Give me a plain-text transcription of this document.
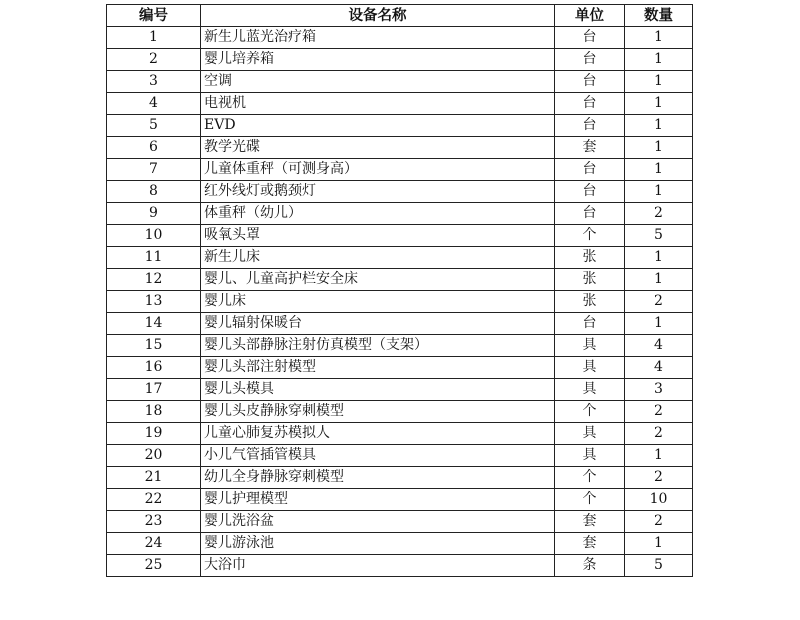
编号	设备名称	单位	数量
1	新生儿蓝光治疗箱	台	1
2	婴儿培养箱	台	1
3	空调	台	1
4	电视机	台	1
5	EVD	台	1
6	教学光碟	套	1
7	儿童体重秤（可测身高）	台	1
8	红外线灯或鹅颈灯	台	1
9	体重秤（幼儿）	台	2
10	吸氧头罩	个	5
11	新生儿床	张	1
12	婴儿、儿童高护栏安全床	张	1
13	婴儿床	张	2
14	婴儿辐射保暖台	台	1
15	婴儿头部静脉注射仿真模型（支架）	具	4
16	婴儿头部注射模型	具	4
17	婴儿头模具	具	3
18	婴儿头皮静脉穿刺模型	个	2
19	儿童心肺复苏模拟人	具	2
20	小儿气管插管模具	具	1
21	幼儿全身静脉穿刺模型	个	2
22	婴儿护理模型	个	10
23	婴儿洗浴盆	套	2
24	婴儿游泳池	套	1
25	大浴巾	条	5
